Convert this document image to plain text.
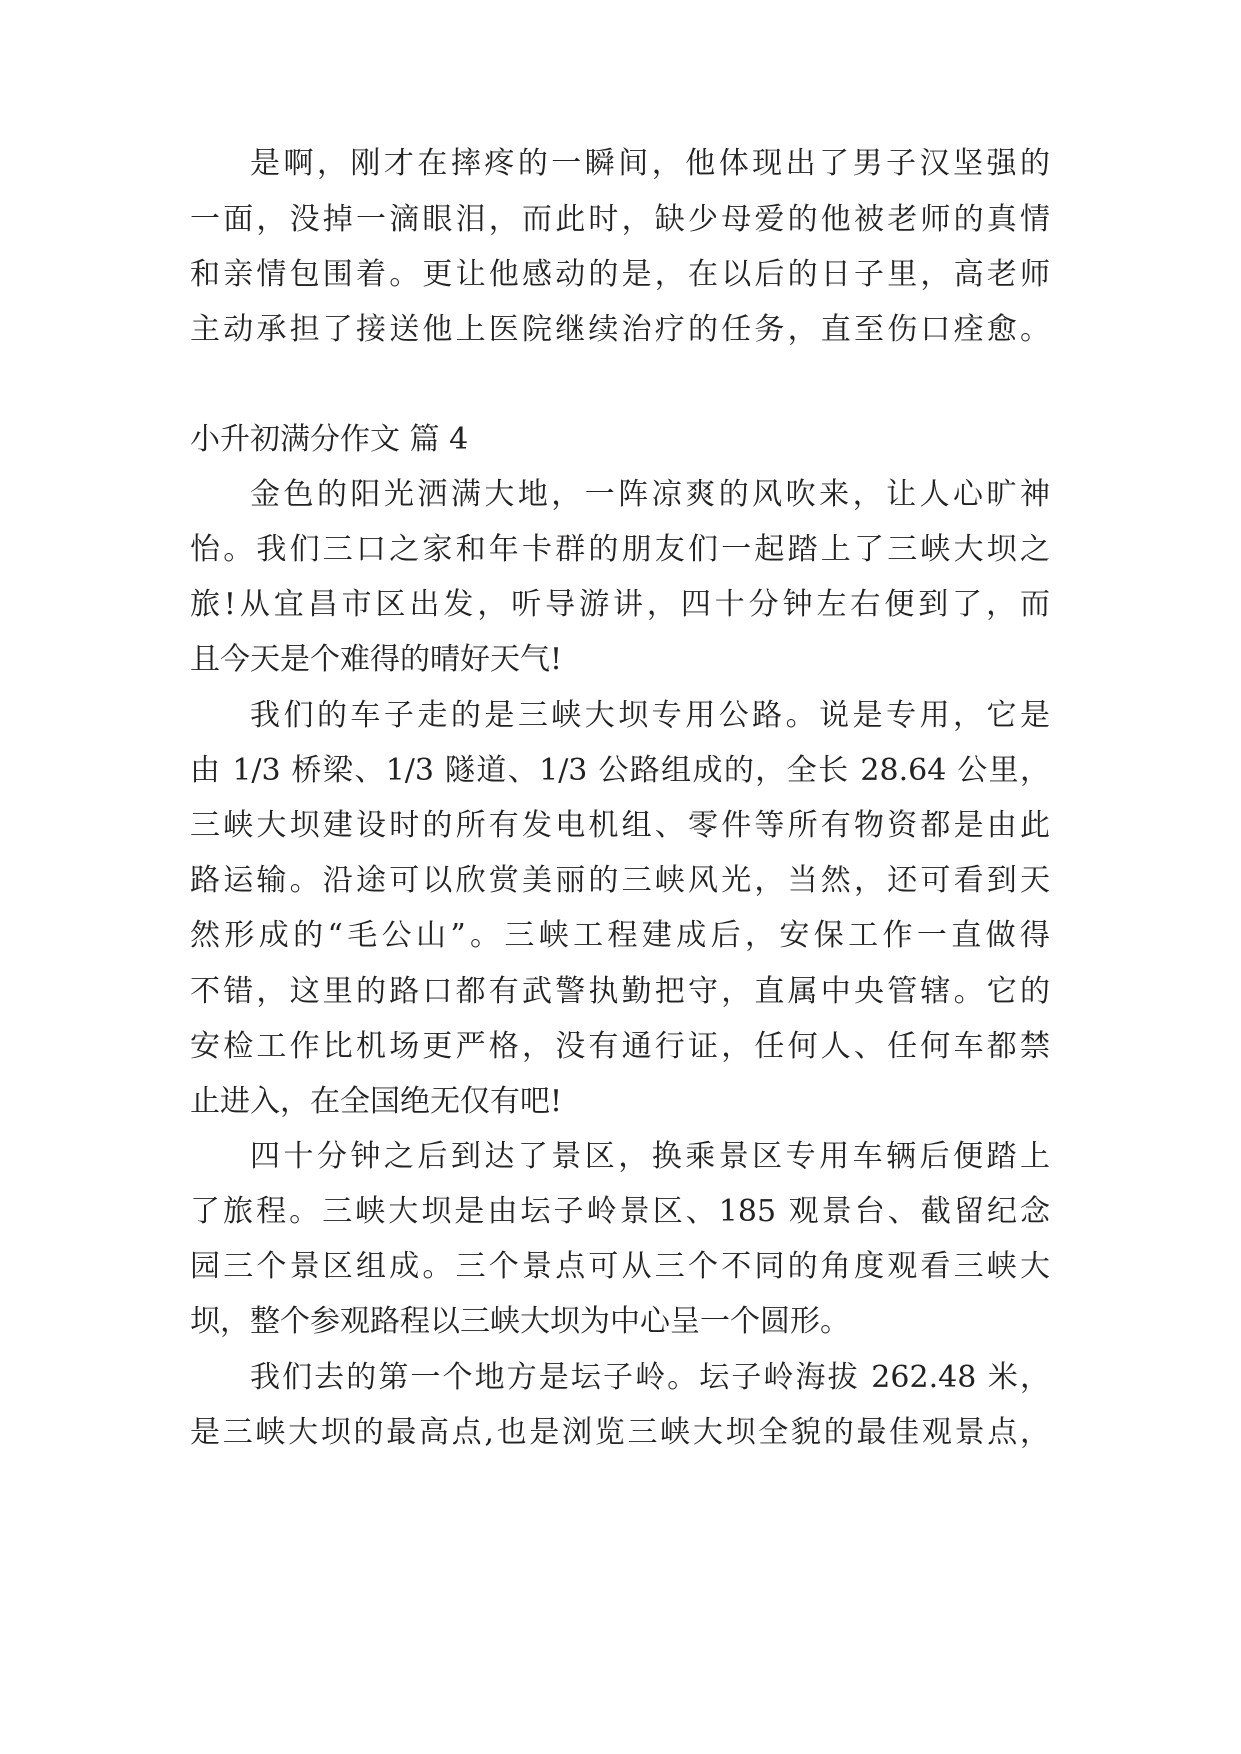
是啊，刚才在摔疼的一瞬间，他体现出了男子汉坚强的
一面，没掉一滴眼泪，而此时，缺少母爱的他被老师的真情
和亲情包围着。更让他感动的是，在以后的日子里，高老师
主动承担了接送他上医院继续治疗的任务，直至伤口痊愈。
小升初满分作文 篇 4
金色的阳光洒满大地，一阵凉爽的风吹来，让人心旷神
怡。我们三口之家和年卡群的朋友们一起踏上了三峡大坝之
旅!从宜昌市区出发，听导游讲，四十分钟左右便到了，而
且今天是个难得的晴好天气!
我们的车子走的是三峡大坝专用公路。说是专用，它是
由 1/3 桥梁、1/3 隧道、1/3 公路组成的，全长 28.64 公里，
三峡大坝建设时的所有发电机组、零件等所有物资都是由此
路运输。沿途可以欣赏美丽的三峡风光，当然，还可看到天
然形成的“毛公山”。三峡工程建成后，安保工作一直做得
不错，这里的路口都有武警执勤把守，直属中央管辖。它的
安检工作比机场更严格，没有通行证，任何人、任何车都禁
止进入，在全国绝无仅有吧!
四十分钟之后到达了景区，换乘景区专用车辆后便踏上
了旅程。三峡大坝是由坛子岭景区、185 观景台、截留纪念
园三个景区组成。三个景点可从三个不同的角度观看三峡大
坝，整个参观路程以三峡大坝为中心呈一个圆形。
我们去的第一个地方是坛子岭。坛子岭海拔 262.48 米，
是三峡大坝的最高点,也是浏览三峡大坝全貌的最佳观景点，
